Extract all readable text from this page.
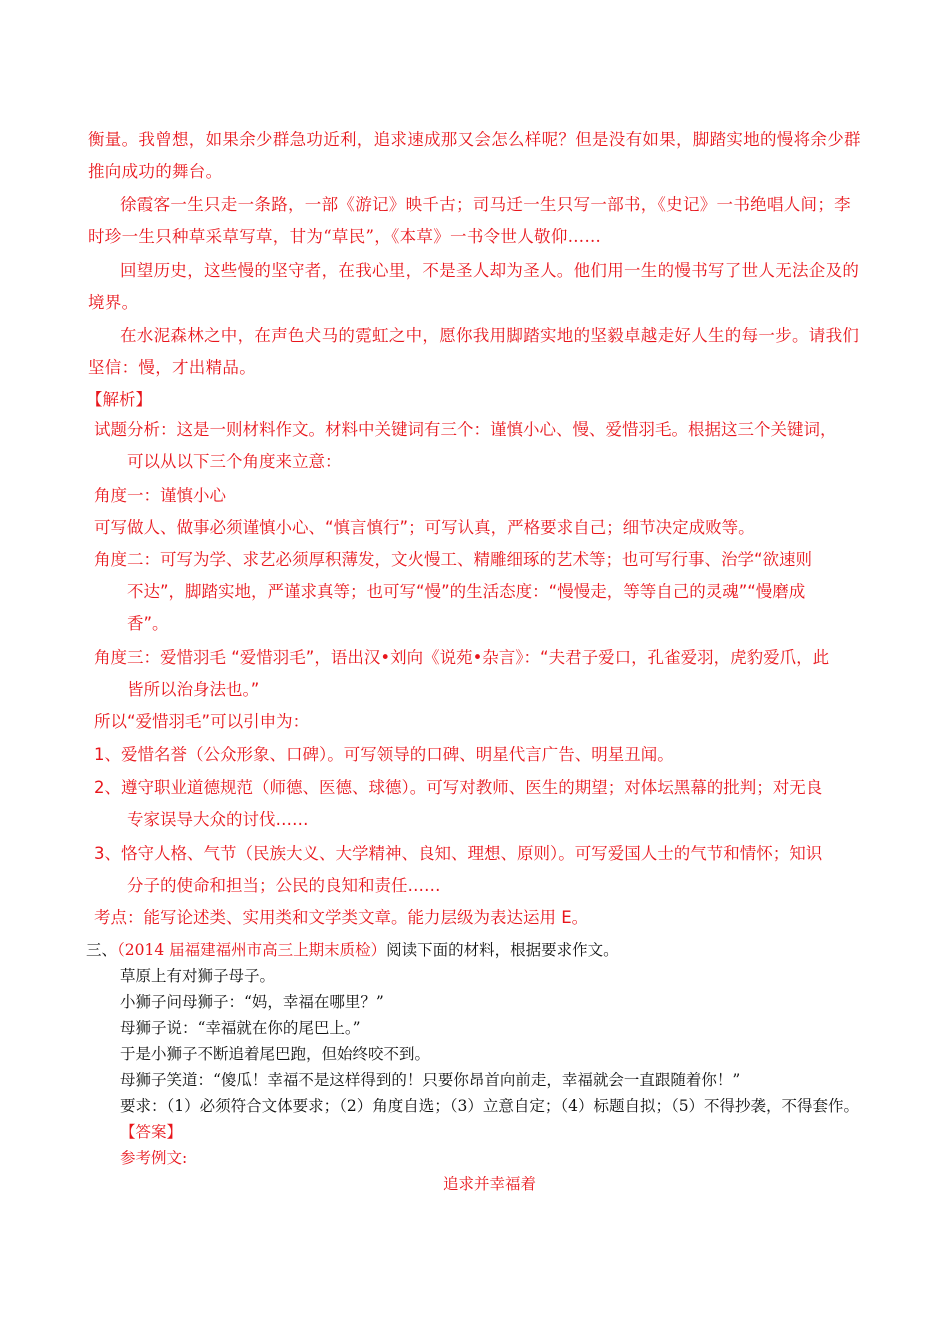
衡量。我曾想，如果余少群急功近利，追求速成那又会怎么样呢？但是没有如果，脚踏实地的慢将余少群
推向成功的舞台。
徐霞客一生只走一条路，一部《游记》映千古；司马迁一生只写一部书，《史记》一书绝唱人间；李
时珍一生只种草采草写草，甘为“草民”，《本草》一书令世人敬仰……
回望历史，这些慢的坚守者，在我心里，不是圣人却为圣人。他们用一生的慢书写了世人无法企及的
境界。
在水泥森林之中，在声色犬马的霓虹之中，愿你我用脚踏实地的坚毅卓越走好人生的每一步。请我们
坚信：慢，才出精品。
【解析】
试题分析：这是一则材料作文。材料中关键词有三个：谨慎小心、慢、爱惜羽毛。根据这三个关键词，
可以从以下三个角度来立意：
角度一：谨慎小心
可写做人、做事必须谨慎小心、“慎言慎行”；可写认真，严格要求自己；细节决定成败等。
角度二：可写为学、求艺必须厚积薄发，文火慢工、精雕细琢的艺术等；也可写行事、治学“欲速则
不达”，脚踏实地，严谨求真等；也可写“慢”的生活态度：“慢慢走，等等自己的灵魂”“慢磨成
香”。
角度三：爱惜羽毛 “爱惜羽毛”，语出汉•刘向《说苑•杂言》：“夫君子爱口，孔雀爱羽，虎豹爱爪，此
皆所以治身法也。”
所以“爱惜羽毛”可以引申为：
1、爱惜名誉（公众形象、口碑）。可写领导的口碑、明星代言广告、明星丑闻。
2、遵守职业道德规范（师德、医德、球德）。可写对教师、医生的期望；对体坛黑幕的批判；对无良
专家误导大众的讨伐……
3、恪守人格、气节（民族大义、大学精神、良知、理想、原则）。可写爱国人士的气节和情怀；知识
分子的使命和担当；公民的良知和责任……
考点：能写论述类、实用类和文学类文章。能力层级为表达运用 E。
三、（2014 届福建福州市高三上期末质检）阅读下面的材料，根据要求作文。
草原上有对狮子母子。
小狮子问母狮子：“妈，幸福在哪里？”
母狮子说：“幸福就在你的尾巴上。”
于是小狮子不断追着尾巴跑，但始终咬不到。
母狮子笑道：“傻瓜！幸福不是这样得到的！只要你昂首向前走，幸福就会一直跟随着你！”
要求：（1）必须符合文体要求；（2）角度自选；（3）立意自定；（4）标题自拟；（5）不得抄袭，不得套作。
【答案】
参考例文:
追求并幸福着
